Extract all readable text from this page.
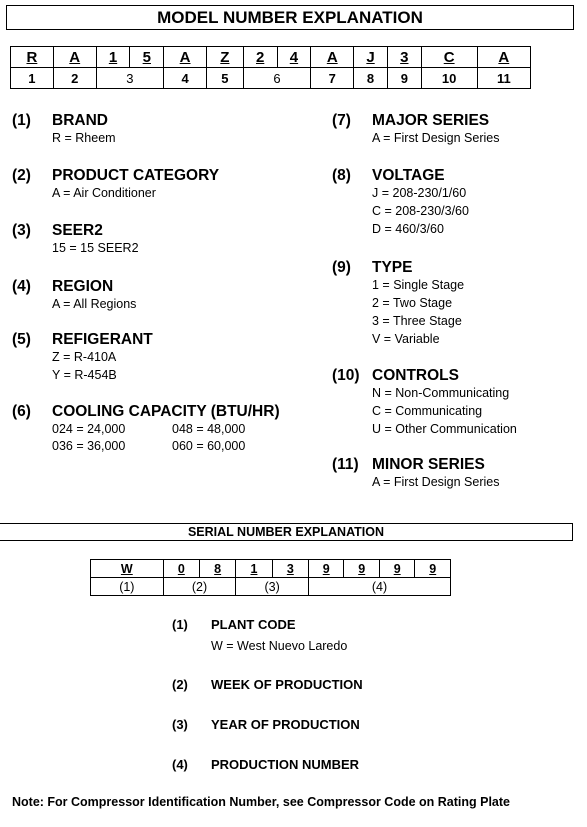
MODEL NUMBER EXPLANATION
R	A	1	5	A	Z	2	4	A	J	3	C	A
1	2	3		4	5	6		7	8	9	10	11
(1) BRAND
R = Rheem
(2) PRODUCT CATEGORY
A = Air Conditioner
(3) SEER2
15 = 15 SEER2
(4) REGION
A = All Regions
(5) REFIGERANT
Z = R-410A
Y = R-454B
(6) COOLING CAPACITY (BTU/HR)
024 = 24,000	048 = 48,000
036 = 36,000	060 = 60,000
(7) MAJOR SERIES
A = First Design Series
(8) VOLTAGE
J = 208-230/1/60
C = 208-230/3/60
D = 460/3/60
(9) TYPE
1 = Single Stage
2 = Two Stage
3 = Three Stage
V = Variable
(10) CONTROLS
N = Non-Communicating
C = Communicating
U = Other Communication
(11) MINOR SERIES
A = First Design Series
SERIAL NUMBER EXPLANATION
W	0	8	1	3	9	9	9	9
(1)	(2)		(3)		(4)			
(1) PLANT CODE
W = West Nuevo Laredo
(2) WEEK OF PRODUCTION
(3) YEAR OF PRODUCTION
(4) PRODUCTION NUMBER
Note: For Compressor Identification Number, see Compressor Code on Rating Plate
